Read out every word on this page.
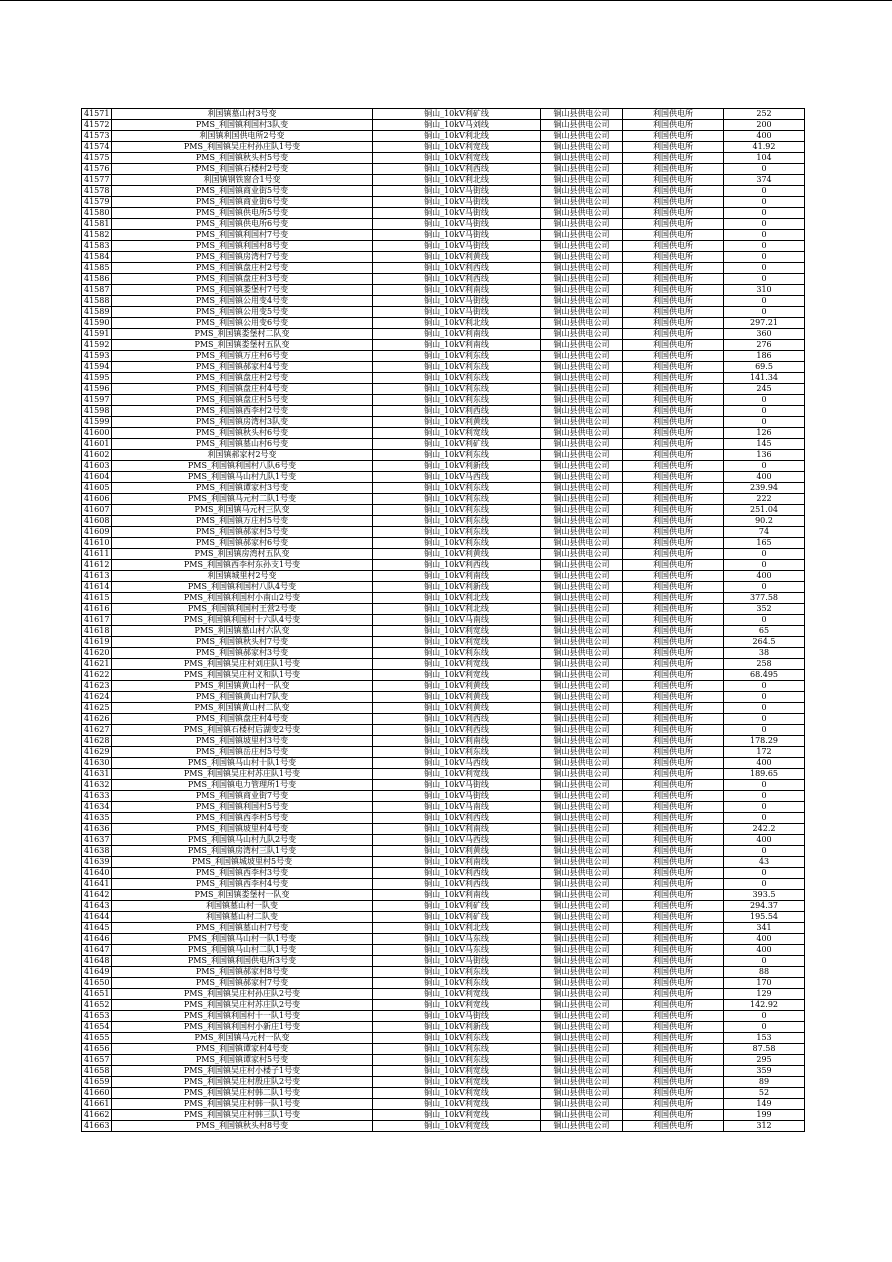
41571	利国镇墓山村3号变	铜山_10kV利矿线	铜山县供电公司	利国供电所	252
41572	PMS_利国镇利国村3队变	铜山_10kV马刘线	铜山县供电公司	利国供电所	200
41573	利国镇利国供电所2号变	铜山_10kV利北线	铜山县供电公司	利国供电所	400
41574	PMS_利国镇吴庄村孙庄队1号变	铜山_10kV利宽线	铜山县供电公司	利国供电所	41.92
41575	PMS_利国镇秋头村5号变	铜山_10kV利宽线	铜山县供电公司	利国供电所	104
41576	PMS_利国镇石楼村2号变	铜山_10kV利西线	铜山县供电公司	利国供电所	0
41577	利国镇钢铁窗合1号变	铜山_10kV利北线	铜山县供电公司	利国供电所	374
41578	PMS_利国镇商业街5号变	铜山_10kV马街线	铜山县供电公司	利国供电所	0
41579	PMS_利国镇商业街6号变	铜山_10kV马街线	铜山县供电公司	利国供电所	0
41580	PMS_利国镇供电所5号变	铜山_10kV马街线	铜山县供电公司	利国供电所	0
41581	PMS_利国镇供电所6号变	铜山_10kV马街线	铜山县供电公司	利国供电所	0
41582	PMS_利国镇利国村7号变	铜山_10kV马街线	铜山县供电公司	利国供电所	0
41583	PMS_利国镇利国村8号变	铜山_10kV马街线	铜山县供电公司	利国供电所	0
41584	PMS_利国镇房湾村7号变	铜山_10kV利黄线	铜山县供电公司	利国供电所	0
41585	PMS_利国镇盘庄村2号变	铜山_10kV利西线	铜山县供电公司	利国供电所	0
41586	PMS_利国镇盘庄村3号变	铜山_10kV利西线	铜山县供电公司	利国供电所	0
41587	PMS_利国镇娄堡村7号变	铜山_10kV利南线	铜山县供电公司	利国供电所	310
41588	PMS_利国镇公用变4号变	铜山_10kV马街线	铜山县供电公司	利国供电所	0
41589	PMS_利国镇公用变5号变	铜山_10kV马街线	铜山县供电公司	利国供电所	0
41590	PMS_利国镇公用变6号变	铜山_10kV利北线	铜山县供电公司	利国供电所	297.21
41591	PMS_利国镇娄堡村二队变	铜山_10kV利南线	铜山县供电公司	利国供电所	360
41592	PMS_利国镇娄堡村五队变	铜山_10kV利南线	铜山县供电公司	利国供电所	276
41593	PMS_利国镇万庄村6号变	铜山_10kV利东线	铜山县供电公司	利国供电所	186
41594	PMS_利国镇郝家村4号变	铜山_10kV利东线	铜山县供电公司	利国供电所	69.5
41595	PMS_利国镇盘庄村2号变	铜山_10kV利东线	铜山县供电公司	利国供电所	141.34
41596	PMS_利国镇盘庄村4号变	铜山_10kV利东线	铜山县供电公司	利国供电所	245
41597	PMS_利国镇盘庄村5号变	铜山_10kV利东线	铜山县供电公司	利国供电所	0
41598	PMS_利国镇西李村2号变	铜山_10kV利西线	铜山县供电公司	利国供电所	0
41599	PMS_利国镇房湾村3队变	铜山_10kV利黄线	铜山县供电公司	利国供电所	0
41600	PMS_利国镇秋头村6号变	铜山_10kV利宽线	铜山县供电公司	利国供电所	126
41601	PMS_利国镇墓山村6号变	铜山_10kV利矿线	铜山县供电公司	利国供电所	145
41602	利国镇郝家村2号变	铜山_10kV利东线	铜山县供电公司	利国供电所	136
41603	PMS_利国镇利国村八队6号变	铜山_10kV利新线	铜山县供电公司	利国供电所	0
41604	PMS_利国镇马山村九队1号变	铜山_10kV马西线	铜山县供电公司	利国供电所	400
41605	PMS_利国镇谭家村3号变	铜山_10kV利东线	铜山县供电公司	利国供电所	239.94
41606	PMS_利国镇马元村二队1号变	铜山_10kV利东线	铜山县供电公司	利国供电所	222
41607	PMS_利国镇马元村三队变	铜山_10kV利东线	铜山县供电公司	利国供电所	251.04
41608	PMS_利国镇万庄村5号变	铜山_10kV利东线	铜山县供电公司	利国供电所	90.2
41609	PMS_利国镇郝家村5号变	铜山_10kV利东线	铜山县供电公司	利国供电所	74
41610	PMS_利国镇郝家村6号变	铜山_10kV利东线	铜山县供电公司	利国供电所	165
41611	PMS_利国镇房湾村五队变	铜山_10kV利黄线	铜山县供电公司	利国供电所	0
41612	PMS_利国镇西李村东孙支1号变	铜山_10kV利西线	铜山县供电公司	利国供电所	0
41613	利国镇城里村2号变	铜山_10kV利南线	铜山县供电公司	利国供电所	400
41614	PMS_利国镇利国村八队4号变	铜山_10kV利新线	铜山县供电公司	利国供电所	0
41615	PMS_利国镇利国村小南山2号变	铜山_10kV利北线	铜山县供电公司	利国供电所	377.58
41616	PMS_利国镇利国村王营2号变	铜山_10kV利北线	铜山县供电公司	利国供电所	352
41617	PMS_利国镇利国村十六队4号变	铜山_10kV马南线	铜山县供电公司	利国供电所	0
41618	PMS_利国镇墓山村六队变	铜山_10kV利宽线	铜山县供电公司	利国供电所	65
41619	PMS_利国镇秋头村7号变	铜山_10kV利宽线	铜山县供电公司	利国供电所	264.5
41620	PMS_利国镇郝家村3号变	铜山_10kV利东线	铜山县供电公司	利国供电所	38
41621	PMS_利国镇吴庄村刘庄队1号变	铜山_10kV利宽线	铜山县供电公司	利国供电所	258
41622	PMS_利国镇吴庄村义和队1号变	铜山_10kV利宽线	铜山县供电公司	利国供电所	68.495
41623	PMS_利国镇黄山村一队变	铜山_10kV利黄线	铜山县供电公司	利国供电所	0
41624	PMS_利国镇黄山村7队变	铜山_10kV利黄线	铜山县供电公司	利国供电所	0
41625	PMS_利国镇黄山村二队变	铜山_10kV利黄线	铜山县供电公司	利国供电所	0
41626	PMS_利国镇盘庄村4号变	铜山_10kV利西线	铜山县供电公司	利国供电所	0
41627	PMS_利国镇石楼村后湖变2号变	铜山_10kV利西线	铜山县供电公司	利国供电所	0
41628	PMS_利国镇坡里村3号变	铜山_10kV利南线	铜山县供电公司	利国供电所	178.29
41629	PMS_利国镇岳庄村5号变	铜山_10kV利东线	铜山县供电公司	利国供电所	172
41630	PMS_利国镇马山村十队1号变	铜山_10kV马西线	铜山县供电公司	利国供电所	400
41631	PMS_利国镇吴庄村苏庄队1号变	铜山_10kV利宽线	铜山县供电公司	利国供电所	189.65
41632	PMS_利国镇电力管理所1号变	铜山_10kV马街线	铜山县供电公司	利国供电所	0
41633	PMS_利国镇商业街7号变	铜山_10kV马街线	铜山县供电公司	利国供电所	0
41634	PMS_利国镇利国村5号变	铜山_10kV马南线	铜山县供电公司	利国供电所	0
41635	PMS_利国镇西李村5号变	铜山_10kV利西线	铜山县供电公司	利国供电所	0
41636	PMS_利国镇坡里村4号变	铜山_10kV利南线	铜山县供电公司	利国供电所	242.2
41637	PMS_利国镇马山村九队2号变	铜山_10kV马西线	铜山县供电公司	利国供电所	400
41638	PMS_利国镇房湾村三队1号变	铜山_10kV利黄线	铜山县供电公司	利国供电所	0
41639	PMS_利国镇城坡里村5号变	铜山_10kV利南线	铜山县供电公司	利国供电所	43
41640	PMS_利国镇西李村3号变	铜山_10kV利西线	铜山县供电公司	利国供电所	0
41641	PMS_利国镇西李村4号变	铜山_10kV利西线	铜山县供电公司	利国供电所	0
41642	PMS_利国镇娄堡村一队变	铜山_10kV利南线	铜山县供电公司	利国供电所	393.5
41643	利国镇墓山村一队变	铜山_10kV利矿线	铜山县供电公司	利国供电所	294.37
41644	利国镇墓山村二队变	铜山_10kV利矿线	铜山县供电公司	利国供电所	195.54
41645	PMS_利国镇墓山村7号变	铜山_10kV利北线	铜山县供电公司	利国供电所	341
41646	PMS_利国镇马山村一队1号变	铜山_10kV马东线	铜山县供电公司	利国供电所	400
41647	PMS_利国镇马山村二队1号变	铜山_10kV马东线	铜山县供电公司	利国供电所	400
41648	PMS_利国镇利国供电所3号变	铜山_10kV马街线	铜山县供电公司	利国供电所	0
41649	PMS_利国镇郝家村8号变	铜山_10kV利东线	铜山县供电公司	利国供电所	88
41650	PMS_利国镇郝家村7号变	铜山_10kV利东线	铜山县供电公司	利国供电所	170
41651	PMS_利国镇吴庄村孙庄队2号变	铜山_10kV利宽线	铜山县供电公司	利国供电所	129
41652	PMS_利国镇吴庄村苏庄队2号变	铜山_10kV利宽线	铜山县供电公司	利国供电所	142.92
41653	PMS_利国镇利国村十一队1号变	铜山_10kV马街线	铜山县供电公司	利国供电所	0
41654	PMS_利国镇利国村小新庄1号变	铜山_10kV利新线	铜山县供电公司	利国供电所	0
41655	PMS_利国镇马元村一队变	铜山_10kV利东线	铜山县供电公司	利国供电所	153
41656	PMS_利国镇谭家村4号变	铜山_10kV利东线	铜山县供电公司	利国供电所	87.58
41657	PMS_利国镇谭家村5号变	铜山_10kV利东线	铜山县供电公司	利国供电所	295
41658	PMS_利国镇吴庄村小楼子1号变	铜山_10kV利宽线	铜山县供电公司	利国供电所	359
41659	PMS_利国镇吴庄村殷庄队2号变	铜山_10kV利宽线	铜山县供电公司	利国供电所	89
41660	PMS_利国镇吴庄村韩二队1号变	铜山_10kV利宽线	铜山县供电公司	利国供电所	52
41661	PMS_利国镇吴庄村韩一队1号变	铜山_10kV利宽线	铜山县供电公司	利国供电所	149
41662	PMS_利国镇吴庄村韩三队1号变	铜山_10kV利宽线	铜山县供电公司	利国供电所	199
41663	PMS_利国镇秋头村8号变	铜山_10kV利宽线	铜山县供电公司	利国供电所	312
